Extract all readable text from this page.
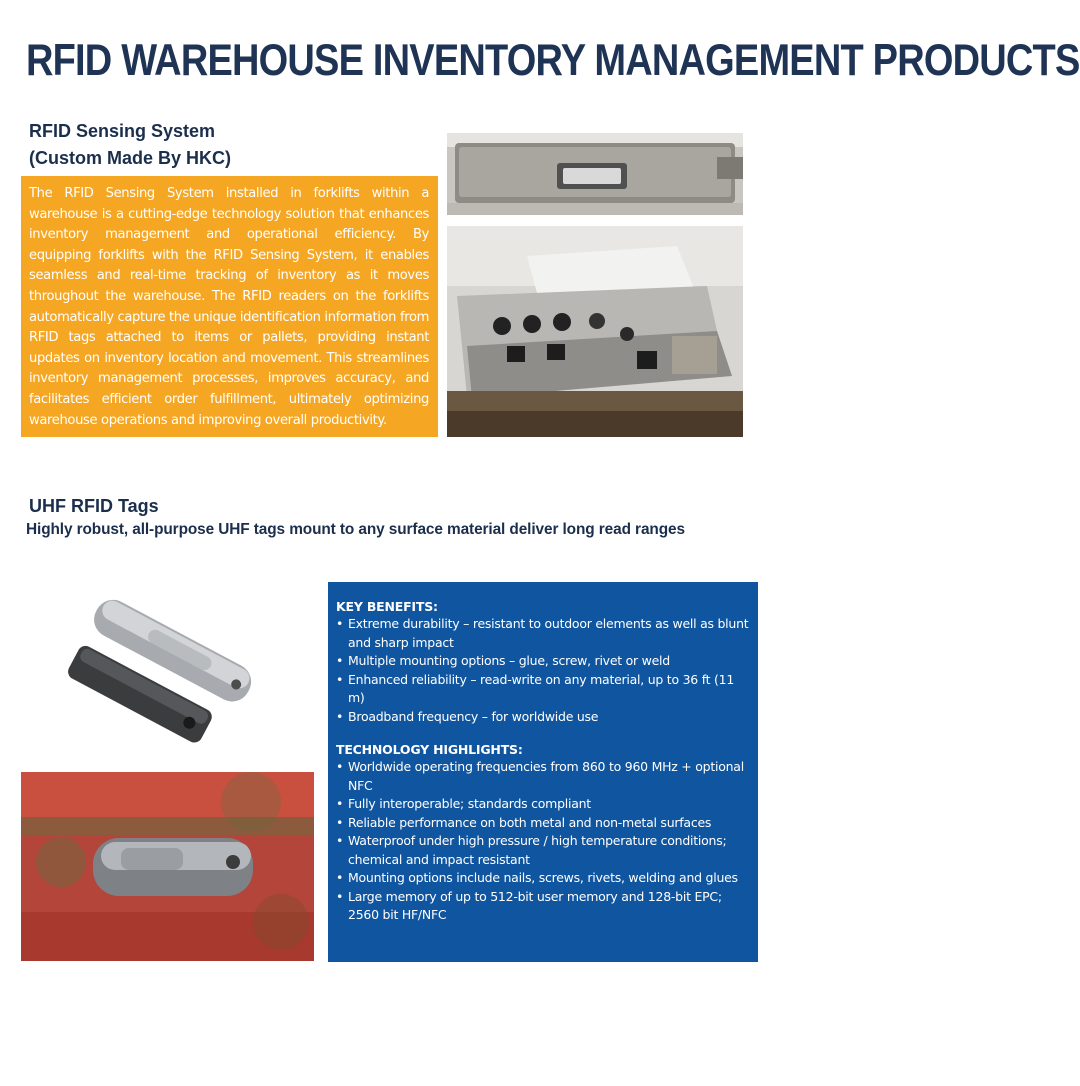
RFID WAREHOUSE INVENTORY MANAGEMENT PRODUCTS
RFID Sensing System
(Custom Made By HKC)

The RFID Sensing System installed in forklifts within a warehouse is a cutting-edge technology solution that enhances inventory management and operational efficiency. By equipping forklifts with the RFID Sensing System, it enables seamless and real-time tracking of inventory as it moves throughout the warehouse. The RFID readers on the forklifts automatically capture the unique identification information from RFID tags attached to items or pallets, providing instant updates on inventory location and movement. This streamlines inventory management processes, improves accuracy, and facilitates efficient order fulfillment, ultimately optimizing warehouse operations and improving overall productivity.

UHF RFID Tags
Highly robust, all-purpose UHF tags mount to any surface material deliver long read ranges
KEY BENEFITS:
• Extreme durability – resistant to outdoor elements as well as blunt and sharp impact
• Multiple mounting options – glue, screw, rivet or weld
• Enhanced reliability – read-write on any material, up to 36 ft (11 m)
• Broadband frequency – for worldwide use
TECHNOLOGY HIGHLIGHTS:
• Worldwide operating frequencies from 860 to 960 MHz + optional NFC
• Fully interoperable; standards compliant
• Reliable performance on both metal and non-metal surfaces
• Waterproof under high pressure / high temperature conditions; chemical and impact resistant
• Mounting options include nails, screws, rivets, welding and glues
• Large memory of up to 512-bit user memory and 128-bit EPC; 2560 bit HF/NFC
